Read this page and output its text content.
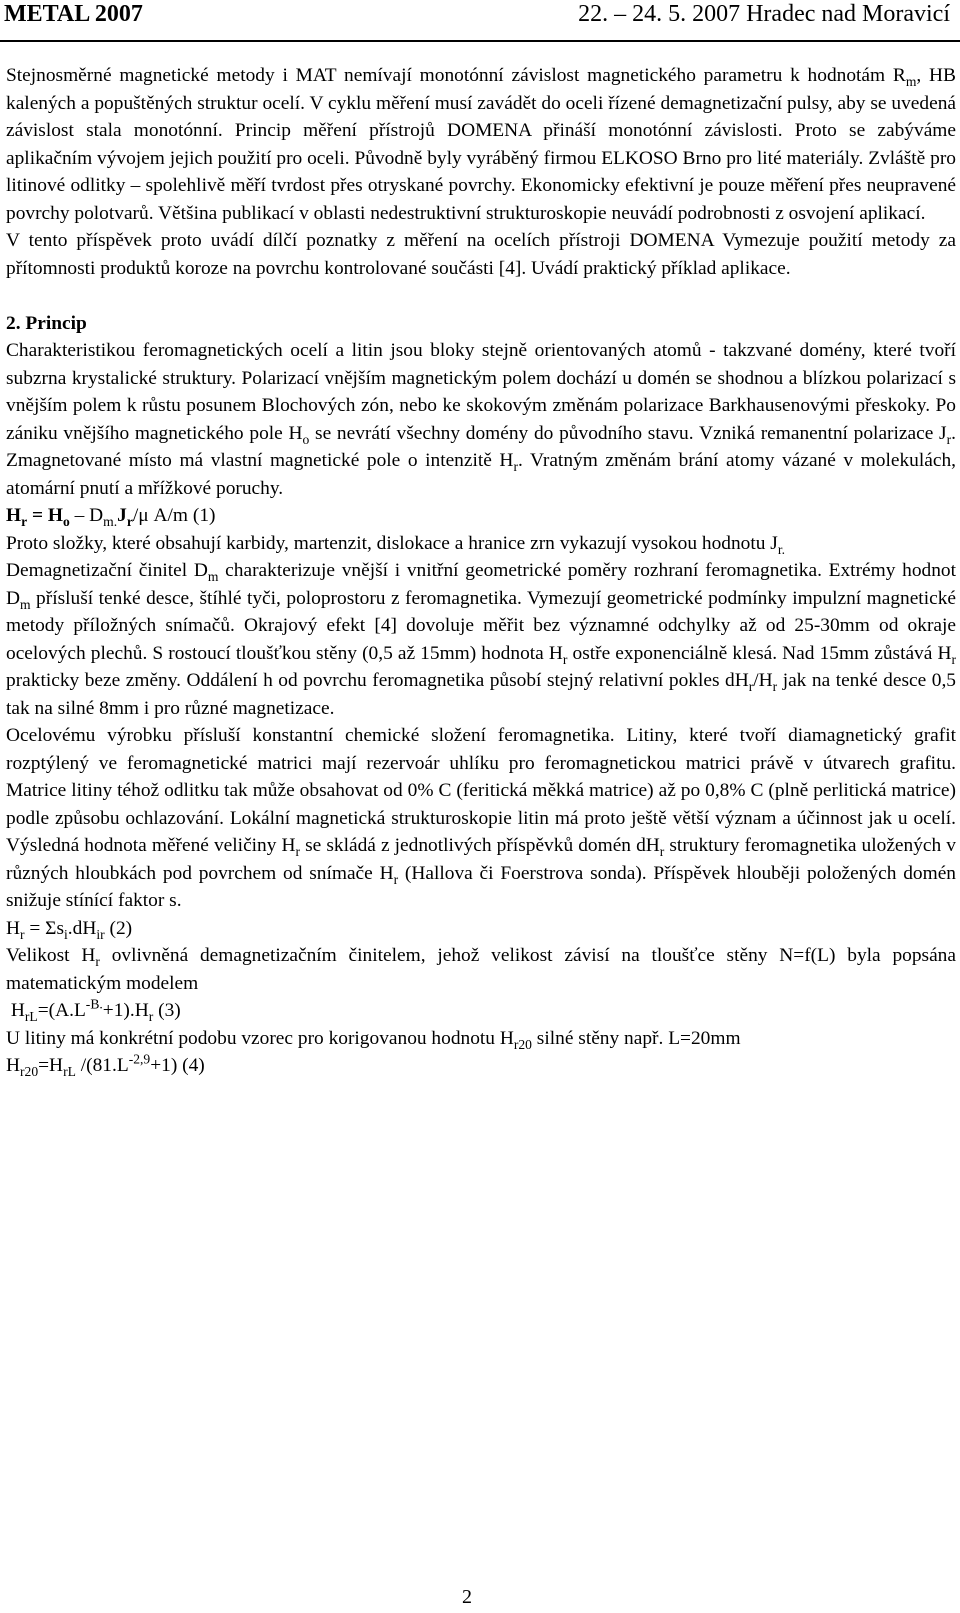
METAL 2007	22. – 24. 5. 2007 Hradec nad Moravicí

Stejnosměrné magnetické metody i MAT nemívají monotónní závislost magnetického parametru k hodnotám $R_m$, HB kalených a popuštěných struktur ocelí. V cyklu měření musí zavádět do oceli řízené demagnetizační pulsy, aby se uvedená závislost stala monotónní. Princip měření přístrojů DOMENA přináší monotónní závislosti. Proto se zabýváme aplikačním vývojem jejich použití pro oceli. Původně byly vyráběný firmou ELKOSO Brno pro lité materiály. Zvláště pro litinové odlitky – spolehlivě měří tvrdost přes otryskané povrchy. Ekonomicky efektivní je pouze měření přes neupravené povrchy polotvarů. Většina publikací v oblasti nedestruktivní strukturoskopie neuvádí podrobnosti z osvojení aplikací.

V tento příspěvek proto uvádí dílčí poznatky z měření na ocelích přístroji DOMENA Vymezuje použití metody za přítomnosti produktů koroze na povrchu kontrolované součásti [4]. Uvádí praktický příklad aplikace.

2. Princip

Charakteristikou feromagnetických ocelí a litin jsou bloky stejně orientovaných atomů - takzvané domény, které tvoří subzrna krystalické struktury. Polarizací vnějším magnetickým polem dochází u domén se shodnou a blízkou polarizací s vnějším polem k růstu posunem Blochových zón, nebo ke skokovým změnám polarizace Barkhausenovými přeskoky. Po zániku vnějšího magnetického pole $H_o$ se nevrátí všechny domény do původního stavu. Vzniká remanentní polarizace $J_r$. Zmagnetované místo má vlastní magnetické pole o intenzitě $H_r$. Vratným změnám brání atomy vázané v molekulách, atomární pnutí a mřížkové poruchy.

$H_r = H_o - D_{m.}J_r/\mu$ A/m (1)

Proto složky, které obsahují karbidy, martenzit, dislokace a hranice zrn vykazují vysokou hodnotu $J_{r.}$

Demagnetizační činitel $D_m$ charakterizuje vnější i vnitřní geometrické poměry rozhraní feromagnetika. Extrémy hodnot $D_m$ přísluší tenké desce, štíhlé tyči, poloprostoru z feromagnetika. Vymezují geometrické podmínky impulzní magnetické metody příložných snímačů. Okrajový efekt [4] dovoluje měřit bez významné odchylky až od 25-30mm od okraje ocelových plechů. S rostoucí tloušťkou stěny (0,5 až 15mm) hodnota $H_r$ ostře exponenciálně klesá. Nad 15mm zůstává $H_r$ prakticky beze změny. Oddálení h od povrchu feromagnetika působí stejný relativní pokles $dH_r/H_r$ jak na tenké desce 0,5 tak na silné 8mm i pro různé magnetizace.

Ocelovému výrobku přísluší konstantní chemické složení feromagnetika. Litiny, které tvoří diamagnetický grafit rozptýlený ve feromagnetické matrici mají rezervoár uhlíku pro feromagnetickou matrici právě v útvarech grafitu. Matrice litiny téhož odlitku tak může obsahovat od 0% C (feritická měkká matrice) až po 0,8% C (plně perlitická matrice) podle způsobu ochlazování. Lokální magnetická strukturoskopie litin má proto ještě větší význam a účinnost jak u ocelí. Výsledná hodnota měřené veličiny $H_r$ se skládá z jednotlivých příspěvků domén $dH_r$ struktury feromagnetika uložených v různých hloubkách pod povrchem od snímače $H_r$ (Hallova či Foerstrova sonda). Příspěvek hlouběji položených domén snižuje stínící faktor s.

$H_r = \Sigma s_i.dH_{ir}$ (2)

Velikost $H_r$ ovlivněná demagnetizačním činitelem, jehož velikost závisí na tloušťce stěny N=f(L) byla popsána matematickým modelem

$H_{rL}=(A.L^{-B.}+1).H_r$ (3)

U litiny má konkrétní podobu vzorec pro korigovanou hodnotu $H_{r20}$ silné stěny např. L=20mm

$H_{r20}=H_{rL}$ $/(81.L^{-2,9}+1)$ (4)
2
